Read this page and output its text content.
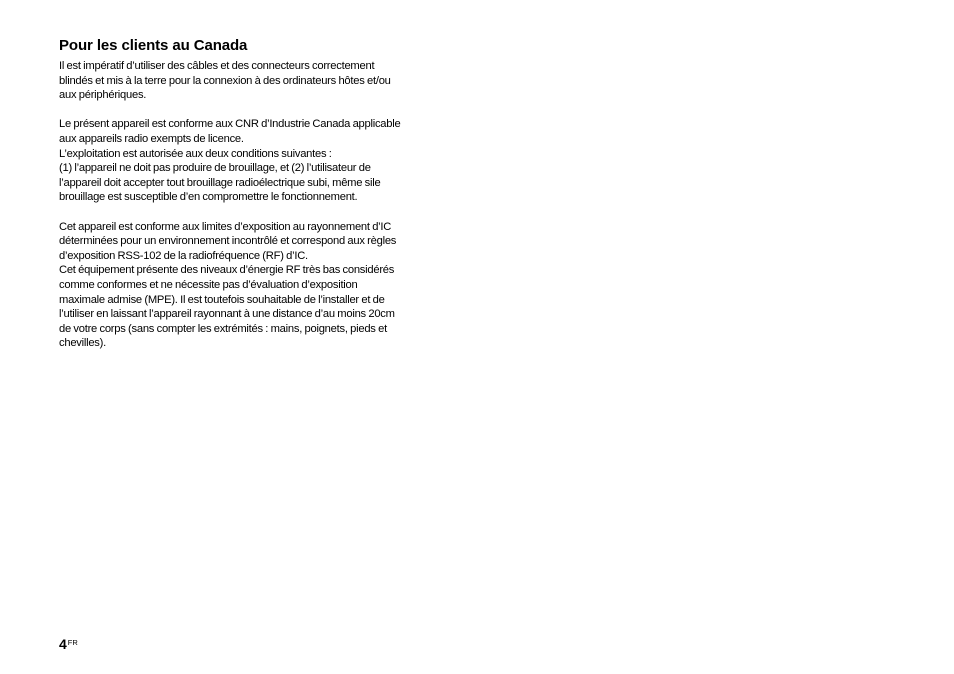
Pour les clients au Canada

Il est impératif d’utiliser des câbles et des connecteurs correctement
blindés et mis à la terre pour la connexion à des ordinateurs hôtes et/ou
aux périphériques.

Le présent appareil est conforme aux CNR d’Industrie Canada applicable
aux appareils radio exempts de licence.
L’exploitation est autorisée aux deux conditions suivantes :
(1) l’appareil ne doit pas produire de brouillage, et (2) l’utilisateur de
l’appareil doit accepter tout brouillage radioélectrique subi, même sile
brouillage est susceptible d’en compromettre le fonctionnement.

Cet appareil est conforme aux limites d’exposition au rayonnement d’IC
déterminées pour un environnement incontrôlé et correspond aux règles
d’exposition RSS-102 de la radiofréquence (RF) d’IC.
Cet équipement présente des niveaux d’énergie RF très bas considérés
comme conformes et ne nécessite pas d’évaluation d’exposition
maximale admise (MPE). Il est toutefois souhaitable de l’installer et de
l’utiliser en laissant l’appareil rayonnant à une distance d’au moins 20cm
de votre corps (sans compter les extrémités : mains, poignets, pieds et
chevilles).

$4^{FR}$
